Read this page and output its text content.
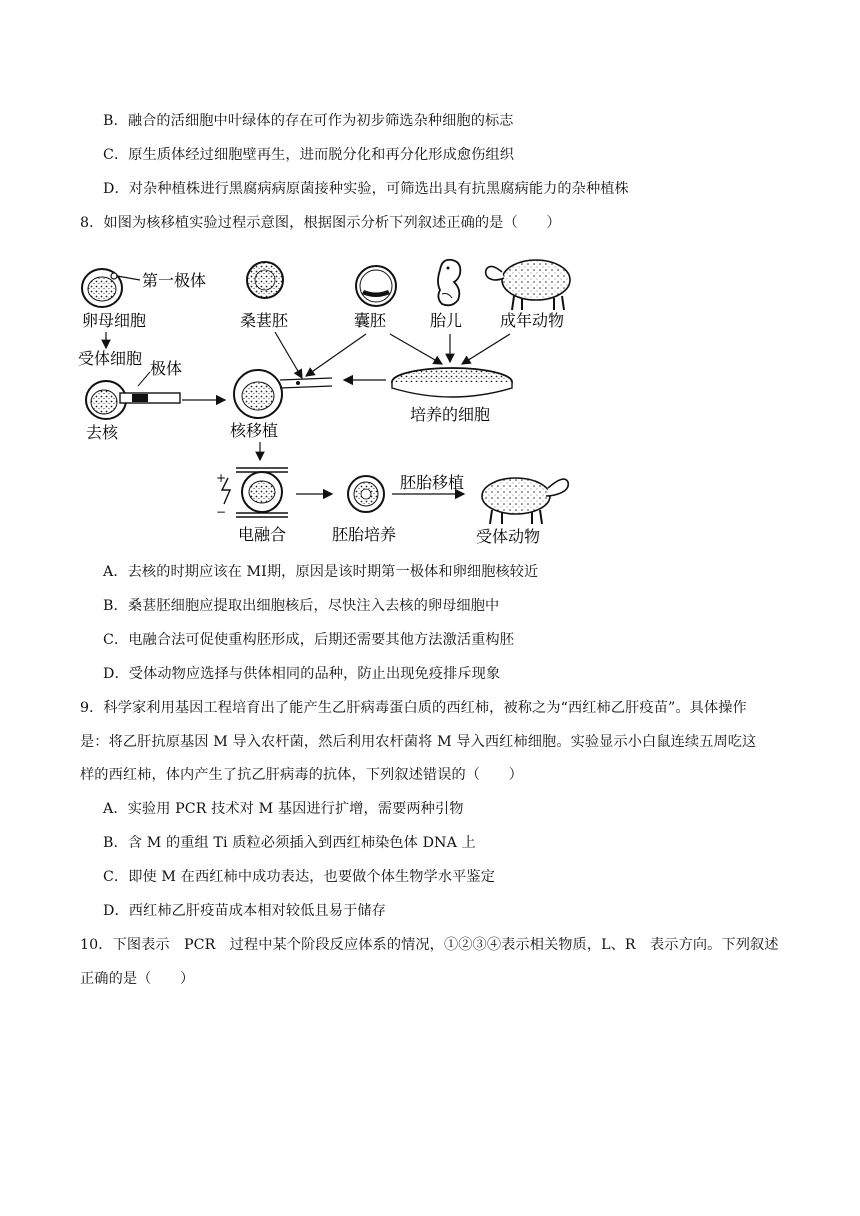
B．融合的活细胞中叶绿体的存在可作为初步筛选杂种细胞的标志
C．原生质体经过细胞壁再生，进而脱分化和再分化形成愈伤组织
D．对杂种植株进行黑腐病病原菌接种实验，可筛选出具有抗黑腐病能力的杂种植株
8．如图为核移植实验过程示意图，根据图示分析下列叙述正确的是（　　）
第一极体
卵母细胞
受体细胞
极体
去核
桑葚胚	囊胚	胎儿 成年动物
培养的细胞
核移植
+
−
电融合	胚胎培养
胚胎移植
受体动物
A．去核的时期应该在 MⅠ期，原因是该时期第一极体和卵细胞核较近
B．桑葚胚细胞应提取出细胞核后，尽快注入去核的卵母细胞中
C．电融合法可促使重构胚形成，后期还需要其他方法激活重构胚
D．受体动物应选择与供体相同的品种，防止出现免疫排斥现象
9．科学家利用基因工程培育出了能产生乙肝病毒蛋白质的西红柿，被称之为“西红柿乙肝疫苗”。具体操作
是：将乙肝抗原基因 M 导入农杆菌，然后利用农杆菌将 M 导入西红柿细胞。实验显示小白鼠连续五周吃这
样的西红柿，体内产生了抗乙肝病毒的抗体，下列叙述错误的（　　）
A．实验用 PCR 技术对 M 基因进行扩增，需要两种引物
B．含 M 的重组 Ti 质粒必须插入到西红柿染色体 DNA 上
C．即使 M 在西红柿中成功表达，也要做个体生物学水平鉴定
D．西红柿乙肝疫苗成本相对较低且易于储存
10．下图表示　PCR　过程中某个阶段反应体系的情况，①②③④表示相关物质，L、R　表示方向。下列叙述
正确的是（　　）
